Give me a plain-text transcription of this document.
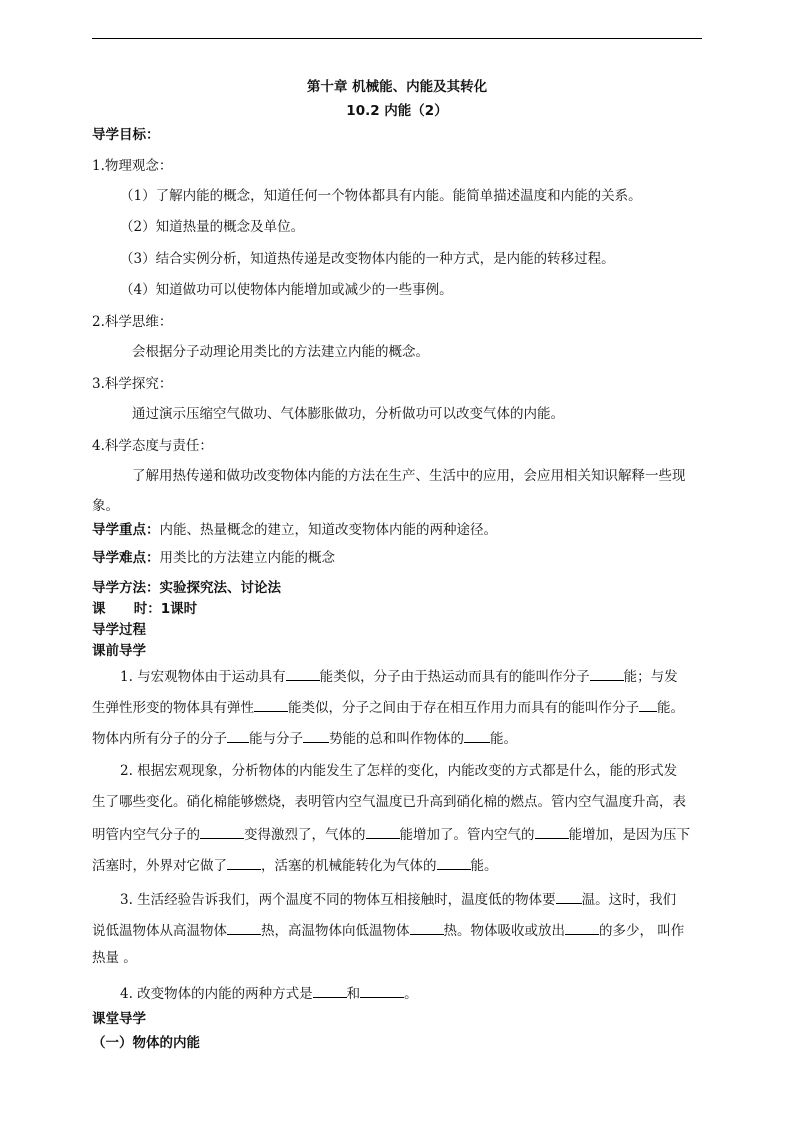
第十章 机械能、内能及其转化
10.2 内能（2）
导学目标：
1.物理观念：
（1）了解内能的概念，知道任何一个物体都具有内能。能简单描述温度和内能的关系。
（2）知道热量的概念及单位。
（3）结合实例分析，知道热传递是改变物体内能的一种方式，是内能的转移过程。
（4）知道做功可以使物体内能增加或减少的一些事例。
2.科学思维：
会根据分子动理论用类比的方法建立内能的概念。
3.科学探究：
通过演示压缩空气做功、气体膨胀做功，分析做功可以改变气体的内能。
4.科学态度与责任：
了解用热传递和做功改变物体内能的方法在生产、生活中的应用，会应用相关知识解释一些现
象。
导学重点：内能、热量概念的建立，知道改变物体内能的两种途径。
导学难点：用类比的方法建立内能的概念
导学方法：实验探究法、讨论法
课      时：1课时
导学过程
课前导学
1. 与宏观物体由于运动具有	能类似，分子由于热运动而具有的能叫作分子	能；与发
生弹性形变的物体具有弹性	能类似，分子之间由于存在相互作用力而具有的能叫作分子 能。
物体内所有分子的分子 能与分子 势能的总和叫作物体的 能。
2. 根据宏观现象，分析物体的内能发生了怎样的变化，内能改变的方式都是什么，能的形式发
生了哪些变化。硝化棉能够燃烧，表明管内空气温度已升高到硝化棉的燃点。管内空气温度升高，表
明管内空气分子的	变得激烈了，气体的	能增加了。管内空气的	能增加，是因为压下
活塞时，外界对它做了	，活塞的机械能转化为气体的	能。
3. 生活经验告诉我们，两个温度不同的物体互相接触时，温度低的物体要 温。这时，我们
说低温物体从高温物体	热，高温物体向低温物体	热。物体吸收或放出	的多少， 叫作
热量 。
4. 改变物体的内能的两种方式是	和	。
课堂导学
（一）物体的内能
